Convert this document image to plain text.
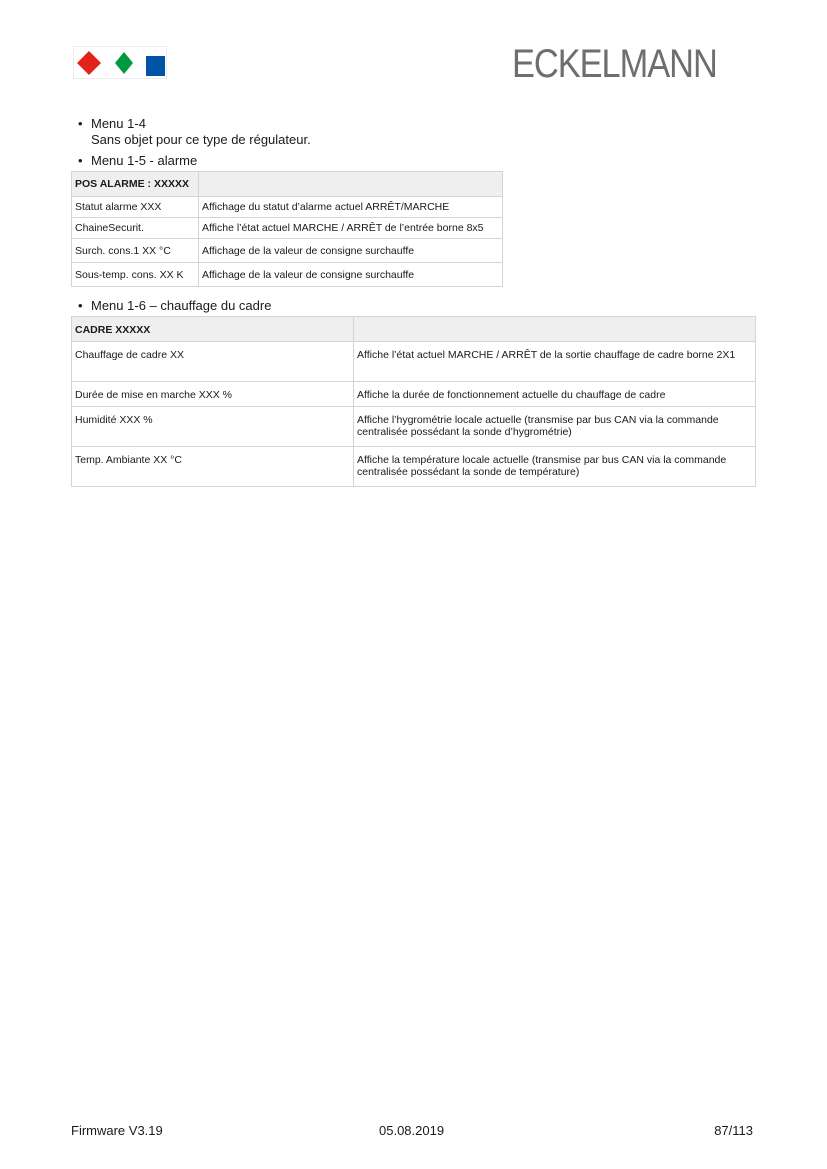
ECKELMANN
• Menu 1-4
Sans objet pour ce type de régulateur.
• Menu 1-5 - alarme
POS ALARME : XXXXX	
Statut alarme XXX	Affichage du statut d’alarme actuel ARRÊT/MARCHE
ChaineSecurit.	Affiche l’état actuel MARCHE / ARRÊT de l’entrée borne 8x5
Surch. cons.1 XX °C	Affichage de la valeur de consigne surchauffe
Sous-temp. cons. XX K	Affichage de la valeur de consigne surchauffe
• Menu 1-6 – chauffage du cadre
CADRE XXXXX	
Chauffage de cadre XX	Affiche l’état actuel MARCHE / ARRÊT de la sortie chauffage de cadre borne 2X1
Durée de mise en marche XXX %	Affiche la durée de fonctionnement actuelle du chauffage de cadre
Humidité XXX %	Affiche l’hygrométrie locale actuelle (transmise par bus CAN via la commande centralisée possédant la sonde d’hygrométrie)
Temp. Ambiante XX °C	Affiche la température locale actuelle (transmise par bus CAN via la commande centralisée possédant la sonde de température)
Firmware V3.19	05.08.2019	87/113
